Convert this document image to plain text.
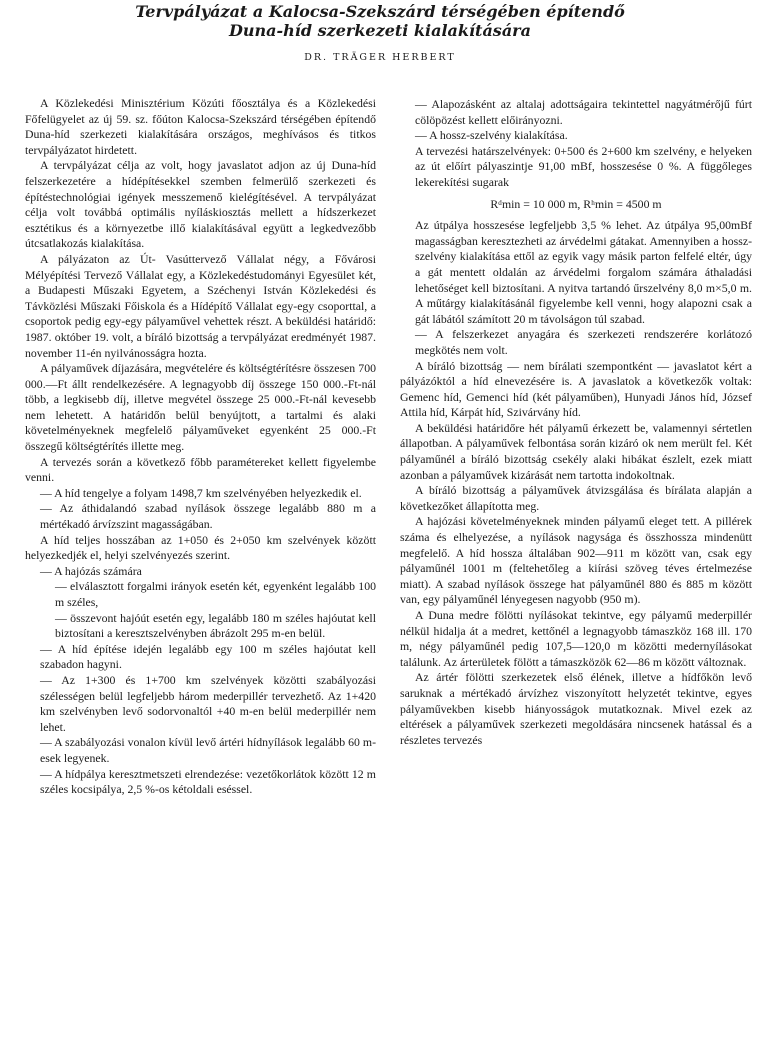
Tervpályázat a Kalocsa-Szekszárd térségében építendő
Duna-híd szerkezeti kialakítására
DR. TRÄGER HERBERT

A Közlekedési Minisztérium Közúti főosztálya és a Közlekedési Főfelügyelet az új 59. sz. főúton Kalocsa-Szekszárd térségében építendő Duna-híd szerkezeti kialakítására országos, meghívásos és titkos tervpályázatot hirdetett.

A tervpályázat célja az volt, hogy javaslatot adjon az új Duna-híd felszerkezetére a hídépítésekkel szemben felmerülő szerkezeti és építéstechnológiai igények messzemenő kielégítésével. A tervpályázat célja volt továbbá optimális nyíláskiosztás mellett a hídszerkezet esztétikus és a környezetbe illő kialakításával együtt a legkedvezőbb útcsatlakozás kialakítása.

A pályázaton az Út- Vasúttervező Vállalat négy, a Fővárosi Mélyépítési Tervező Vállalat egy, a Közlekedéstudományi Egyesület két, a Budapesti Műszaki Egyetem, a Széchenyi István Közlekedési és Távközlési Műszaki Főiskola és a Hídépítő Vállalat egy-egy csoporttal, a csoportok pedig egy-egy pályaművel vehettek részt. A beküldési határidő: 1987. október 19. volt, a bíráló bizottság a tervpályázat eredményét 1987. november 11-én nyilvánosságra hozta.

A pályaművek díjazására, megvételére és költségtérítésre összesen 700 000.—Ft állt rendelkezésére. A legnagyobb díj összege 150 000.-Ft-nál több, a legkisebb díj, illetve megvétel összege 25 000.-Ft-nál kevesebb nem lehetett. A határidőn belül benyújtott, a tartalmi és alaki követelményeknek megfelelő pályaműveket egyenként 25 000.-Ft összegű költségtérítés illette meg.

A tervezés során a következő főbb paramétereket kellett figyelembe venni.

— A híd tengelye a folyam 1498,7 km szelvényében helyezkedik el.

— Az áthidalandó szabad nyílások összege legalább 880 m a mértékadó árvízszint magasságában.

A híd teljes hosszában az 1+050 és 2+050 km szelvények között helyezkedjék el, helyi szelvényezés szerint.

— A hajózás számára

— elválasztott forgalmi irányok esetén két, egyenként legalább 100 m széles,

— összevont hajóút esetén egy, legalább 180 m széles hajóutat kell biztosítani a keresztszelvényben ábrázolt 295 m-en belül.

— A híd építése idején legalább egy 100 m széles hajóutat kell szabadon hagyni.

— Az 1+300 és 1+700 km szelvények közötti szabályozási szélességen belül legfeljebb három mederpillér tervezhető. Az 1+420 km szelvényben levő sodorvonaltól +40 m-en belül mederpillér nem lehet.

— A szabályozási vonalon kívül levő ártéri hídnyílások legalább 60 m-esek legyenek.

— A hídpálya keresztmetszeti elrendezése: vezetőkorlátok között 12 m széles kocsipálya, 2,5 %-os kétoldali eséssel.

— Alapozásként az altalaj adottságaira tekintettel nagyátmérőjű fúrt cölöpözést kellett előirányozni.

— A hossz-szelvény kialakítása.

A tervezési határszelvények: 0+500 és 2+600 km szelvény, e helyeken az út előírt pályaszintje 91,00 mBf, hosszesése 0 %. A függőleges lekerekítési sugarak

Rᵈmin = 10 000 m, Rʰmin = 4500 m

Az útpálya hosszesése legfeljebb 3,5 % lehet. Az útpálya 95,00mBf magasságban keresztezheti az árvédelmi gátakat. Amennyiben a hossz-szelvény kialakítása ettől az egyik vagy másik parton felfelé eltér, úgy a gát mentett oldalán az árvédelmi forgalom számára áthaladási lehetőséget kell biztosítani. A nyitva tartandó űrszelvény 8,0 m×5,0 m. A műtárgy kialakításánál figyelembe kell venni, hogy alapozni csak a gát lábától számított 20 m távolságon túl szabad.

— A felszerkezet anyagára és szerkezeti rendszerére korlátozó megkötés nem volt.

A bíráló bizottság — nem bírálati szempontként — javaslatot kért a pályázóktól a híd elnevezésére is. A javaslatok a következők voltak: Gemenc híd, Gemenci híd (két pályaműben), Hunyadi János híd, József Attila híd, Kárpát híd, Szivárvány híd.

A beküldési határidőre hét pályamű érkezett be, valamennyi sértetlen állapotban. A pályaművek felbontása során kizáró ok nem merült fel. Két pályaműnél a bíráló bizottság csekély alaki hibákat észlelt, ezek miatt azonban a pályaművek kizárását nem tartotta indokoltnak.

A bíráló bizottság a pályaművek átvizsgálása és bírálata alapján a következőket állapította meg.

A hajózási követelményeknek minden pályamű eleget tett. A pillérek száma és elhelyezése, a nyílások nagysága és összhossza mindenütt megfelelő. A híd hossza általában 902—911 m között van, csak egy pályaműnél 1001 m (feltehetőleg a kiírási szöveg téves értelmezése miatt). A szabad nyílások összege hat pályaműnél 880 és 885 m között van, egy pályaműnél lényegesen nagyobb (950 m).

A Duna medre fölötti nyílásokat tekintve, egy pályamű mederpillér nélkül hidalja át a medret, kettőnél a legnagyobb támaszköz 168 ill. 170 m, négy pályaműnél pedig 107,5—120,0 m közötti medernyílásokat találunk. Az árterületek fölött a támaszközök 62—86 m között változnak.

Az ártér fölötti szerkezetek első élének, illetve a hídfőkön levő saruknak a mértékadó árvízhez viszonyított helyzetét tekintve, egyes pályaművekben kisebb hiányosságok mutatkoznak. Mivel ezek az eltérések a pályaművek szerkezeti megoldására nincsenek hatással és a részletes tervezés
